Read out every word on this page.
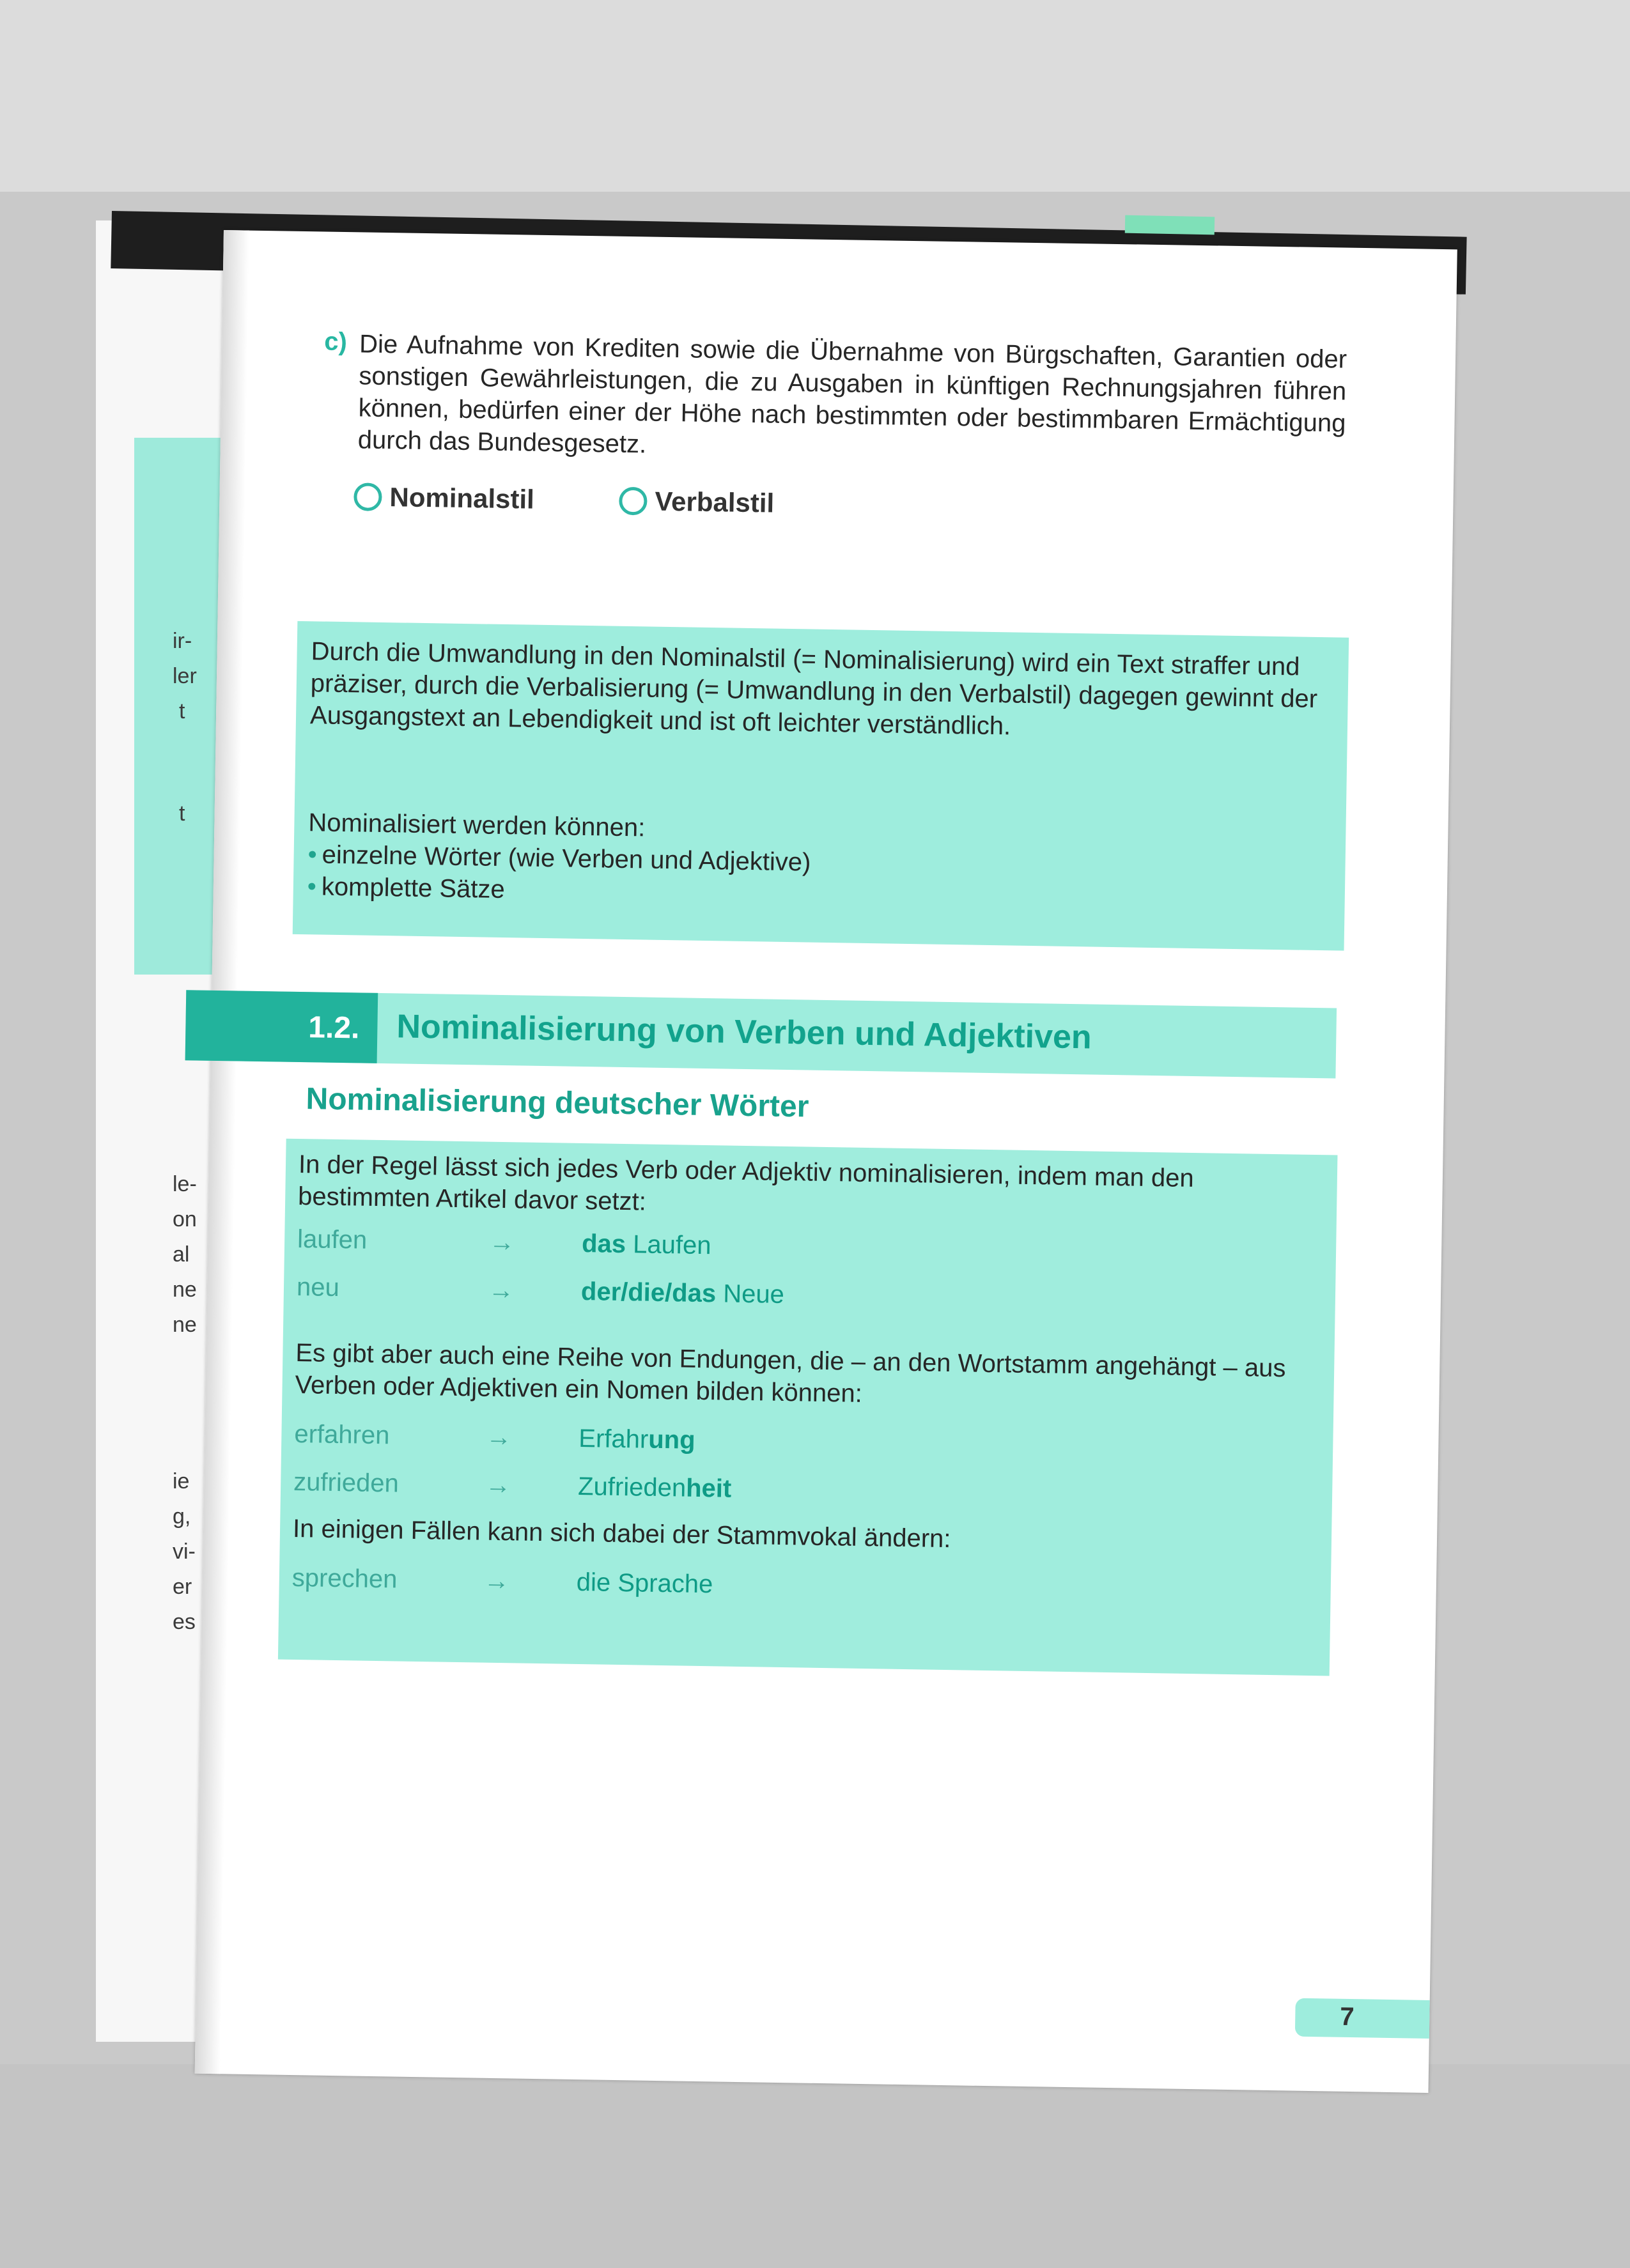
ir-
ler
t
t
le-
on
al
ne
ne
ie
g,
vi-
er
es
c) Die Aufnahme von Krediten sowie die Übernahme von Bürgschaften, Garantien oder sonstigen Gewährleistungen, die zu Ausgaben in künftigen Rechnungsjahren führen können, bedürfen einer der Höhe nach bestimmten oder bestimmbaren Ermächtigung durch das Bundesgesetz.
Nominalstil	Verbalstil
Durch die Umwandlung in den Nominalstil (= Nominalisierung) wird ein Text straffer und präziser, durch die Verbalisierung (= Umwandlung in den Verbalstil) dagegen gewinnt der Ausgangstext an Lebendigkeit und ist oft leichter verständlich.
Nominalisiert werden können:
• einzelne Wörter (wie Verben und Adjektive)
• komplette Sätze
1.2.	Nominalisierung von Verben und Adjektiven
Nominalisierung deutscher Wörter
In der Regel lässt sich jedes Verb oder Adjektiv nominalisieren, indem man den bestimmten Artikel davor setzt:
laufen	→	das Laufen
neu	→	der/die/das Neue
Es gibt aber auch eine Reihe von Endungen, die – an den Wortstamm angehängt – aus Verben oder Adjektiven ein Nomen bilden können:
erfahren	→	Erfahrung
zufrieden	→	Zufriedenheit
In einigen Fällen kann sich dabei der Stammvokal ändern:
sprechen	→	die Sprache
7
